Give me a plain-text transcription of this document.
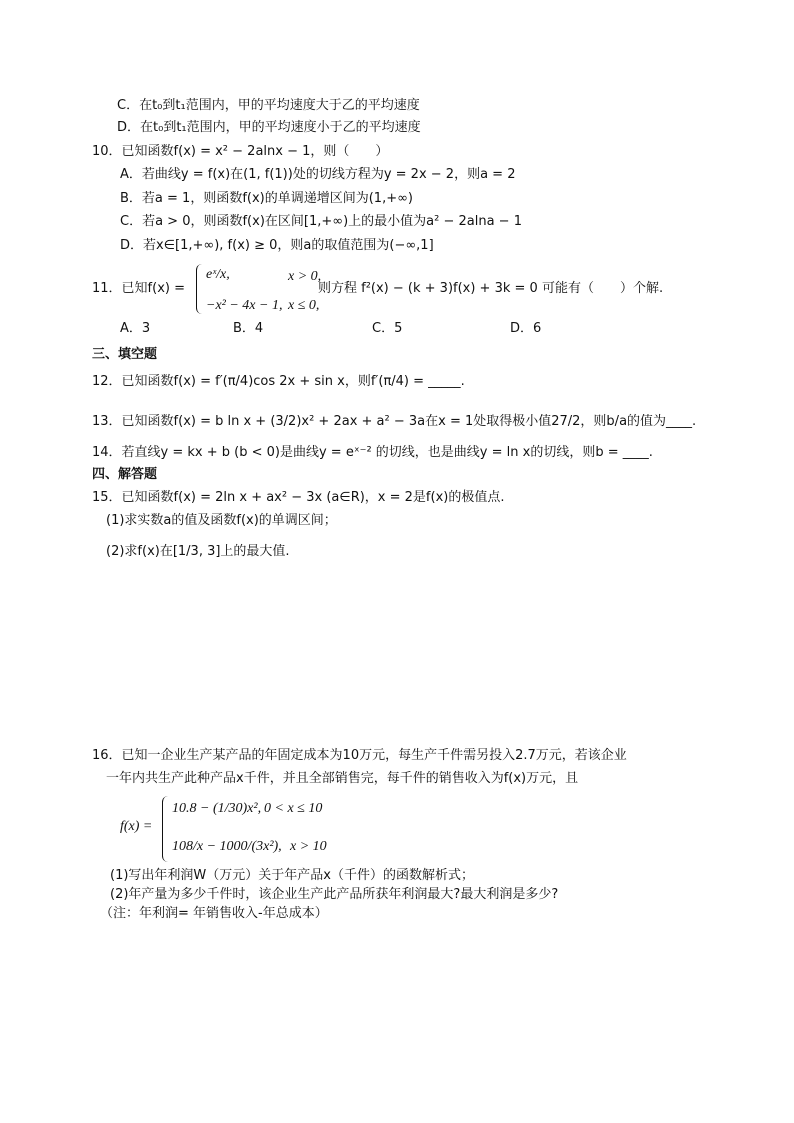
C．在t₀到t₁范围内，甲的平均速度大于乙的平均速度
D．在t₀到t₁范围内，甲的平均速度小于乙的平均速度
10．已知函数f(x) = x² − 2alnx − 1，则（　　）
A．若曲线y = f(x)在(1, f(1))处的切线方程为y = 2x − 2，则a = 2
B．若a = 1，则函数f(x)的单调递增区间为(1,+∞)
C．若a > 0，则函数f(x)在区间[1,+∞)上的最小值为a² − 2alna − 1
D．若x∈[1,+∞), f(x) ≥ 0，则a的取值范围为(−∞,1]
11．已知f(x) =
eˣ/x,	x > 0,
−x² − 4x − 1, x ≤ 0,
则方程 f²(x) − (k + 3)f(x) + 3k = 0 可能有（　　）个解.
A．3	B．4	C．5	D．6
三、填空题
12．已知函数f(x) = f′(π/4)cos 2x + sin x，则f′(π/4) = _____.
13．已知函数f(x) = b ln x + (3/2)x² + 2ax + a² − 3a在x = 1处取得极小值27/2，则b/a的值为____.
14．若直线y = kx + b (b < 0)是曲线y = eˣ⁻² 的切线，也是曲线y = ln x的切线，则b = ____.
四、解答题
15．已知函数f(x) = 2ln x + ax² − 3x (a∈R)，x = 2是f(x)的极值点.
(1)求实数a的值及函数f(x)的单调区间；
(2)求f(x)在[1/3, 3]上的最大值.
16．已知一企业生产某产品的年固定成本为10万元，每生产千件需另投入2.7万元，若该企业
一年内共生产此种产品x千件，并且全部销售完，每千件的销售收入为f(x)万元，且
f(x) =
10.8 − (1/30)x², 0 < x ≤ 10
108/x − 1000/(3x²), x > 10
(1)写出年利润W（万元）关于年产品x（千件）的函数解析式；
(2)年产量为多少千件时，该企业生产此产品所获年利润最大?最大利润是多少?
（注：年利润= 年销售收入-年总成本）
